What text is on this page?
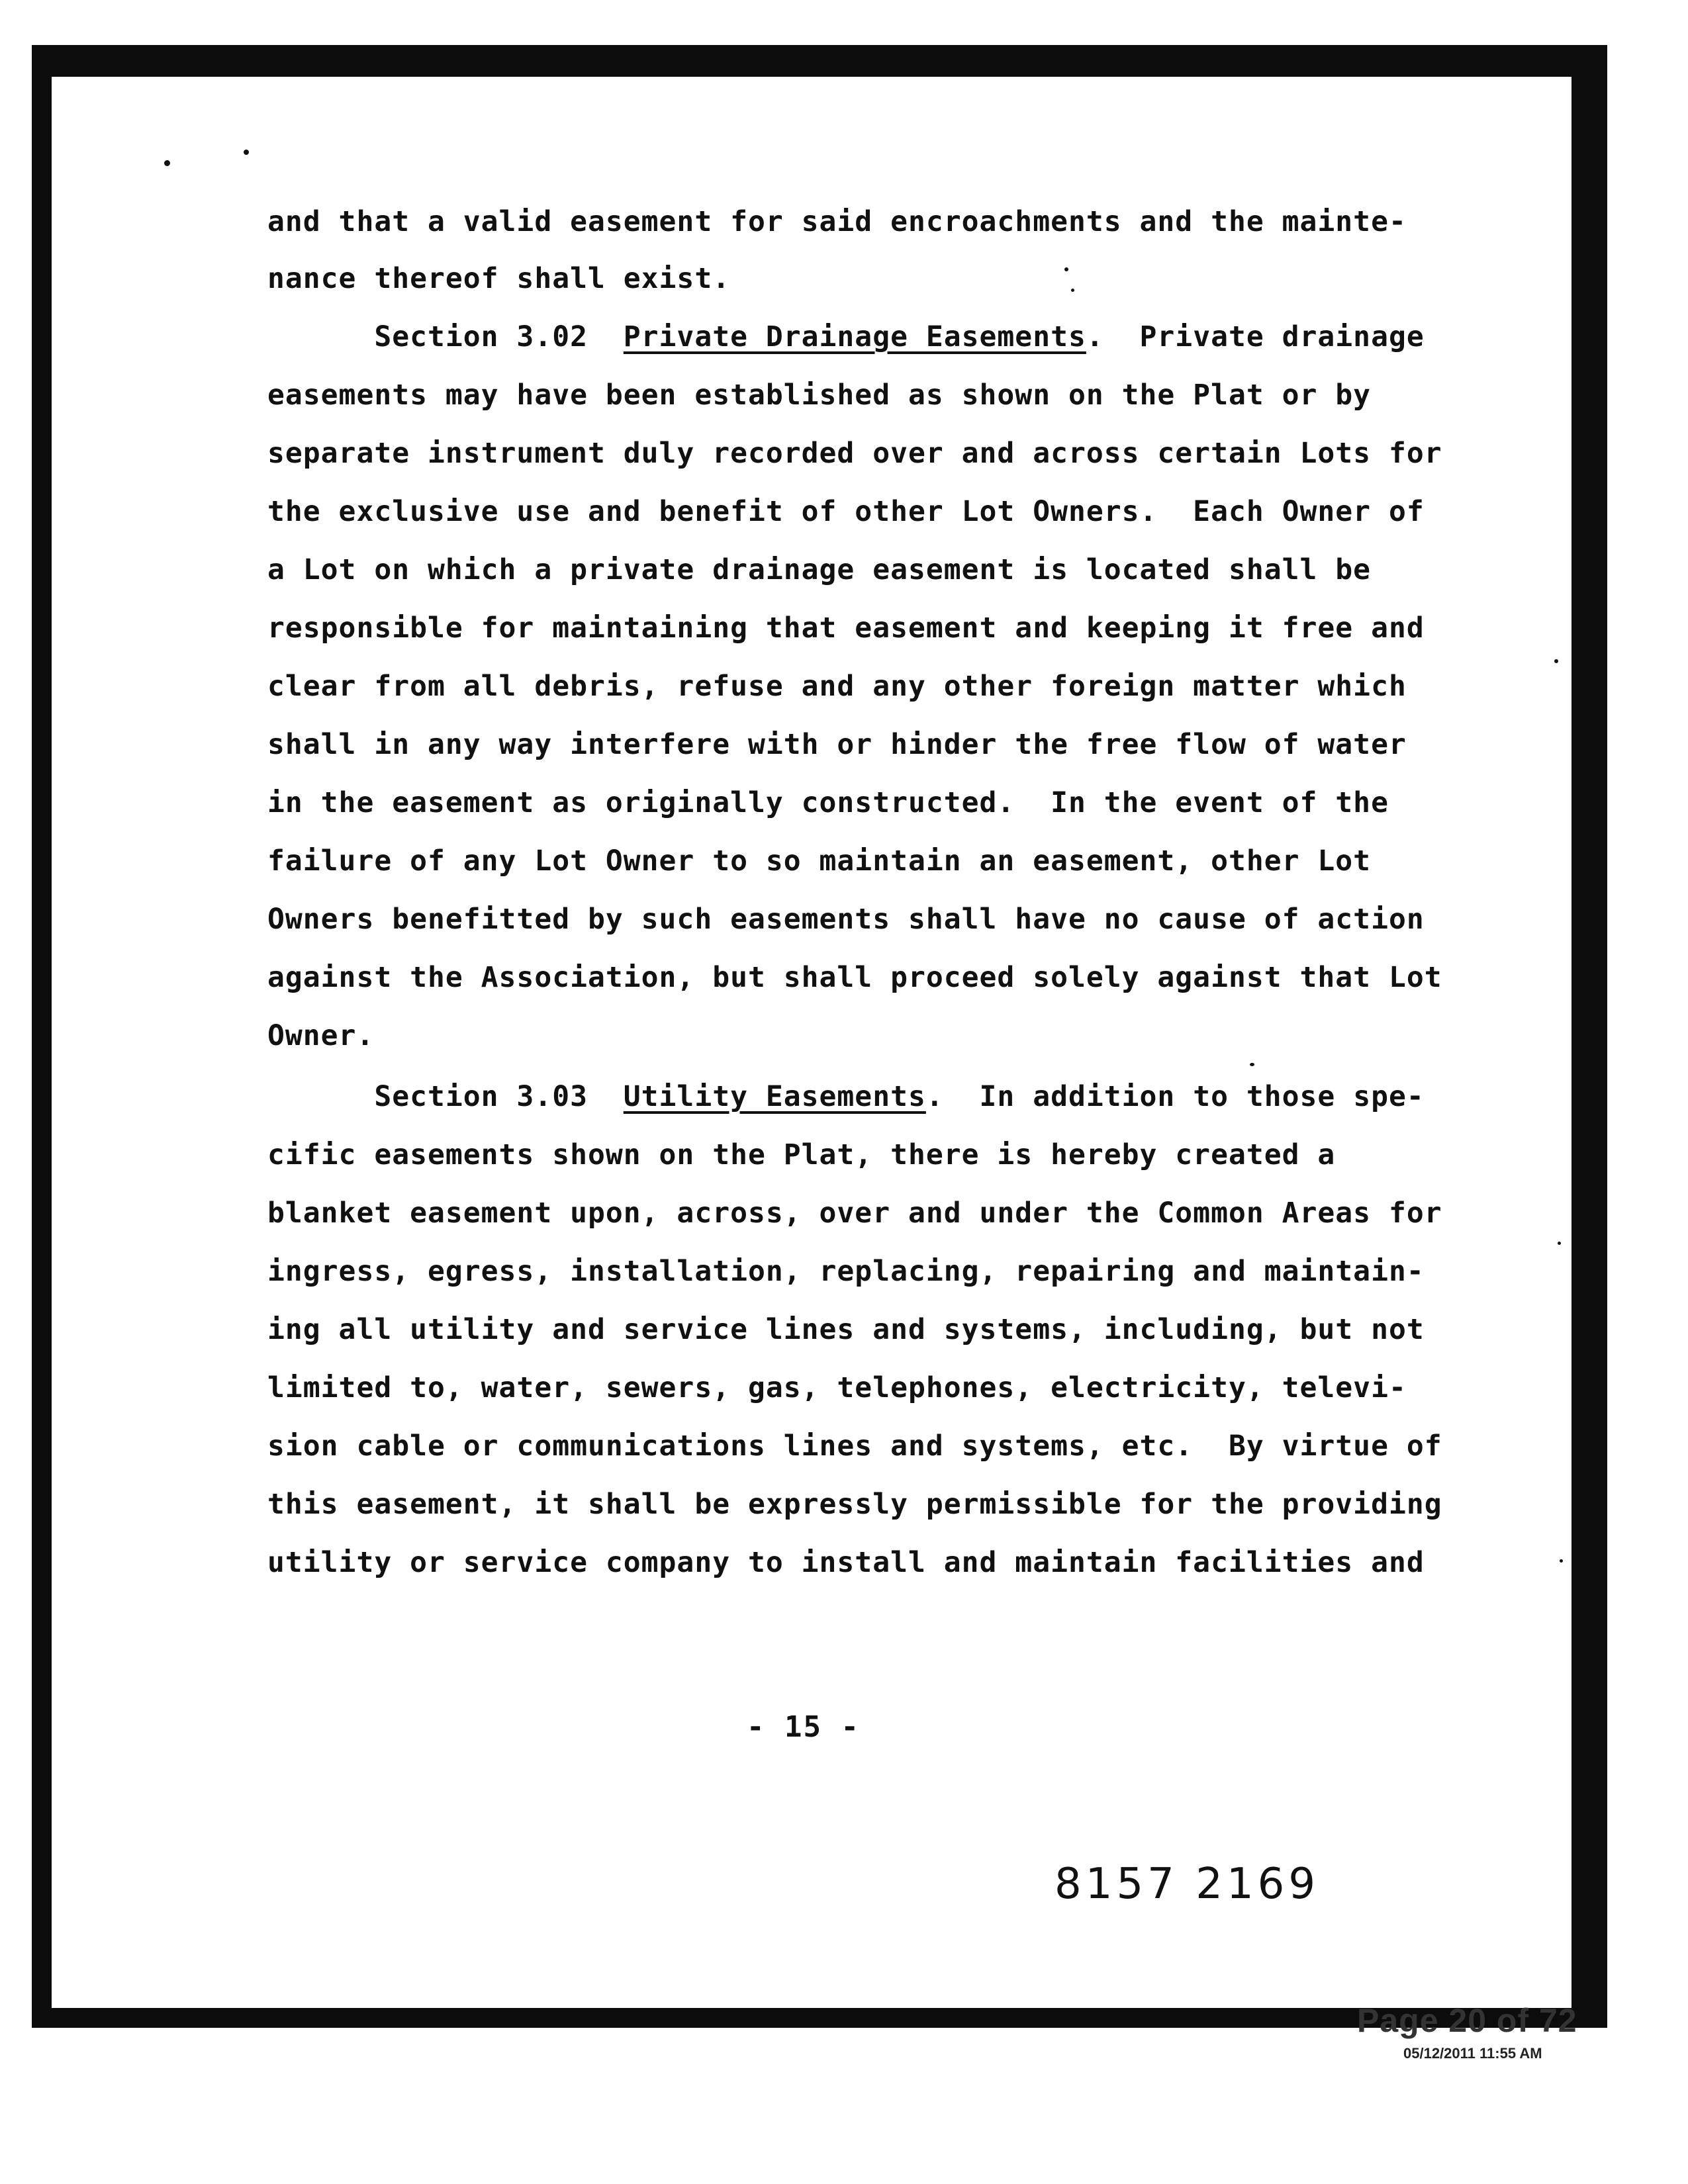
and that a valid easement for said encroachments and the mainte-
nance thereof shall exist.
Section 3.02  Private Drainage Easements.  Private drainage
easements may have been established as shown on the Plat or by
separate instrument duly recorded over and across certain Lots for
the exclusive use and benefit of other Lot Owners.  Each Owner of
a Lot on which a private drainage easement is located shall be
responsible for maintaining that easement and keeping it free and
clear from all debris, refuse and any other foreign matter which
shall in any way interfere with or hinder the free flow of water
in the easement as originally constructed.  In the event of the
failure of any Lot Owner to so maintain an easement, other Lot
Owners benefitted by such easements shall have no cause of action
against the Association, but shall proceed solely against that Lot
Owner.
Section 3.03  Utility Easements.  In addition to those spe-
cific easements shown on the Plat, there is hereby created a
blanket easement upon, across, over and under the Common Areas for
ingress, egress, installation, replacing, repairing and maintain-
ing all utility and service lines and systems, including, but not
limited to, water, sewers, gas, telephones, electricity, televi-
sion cable or communications lines and systems, etc.  By virtue of
this easement, it shall be expressly permissible for the providing
utility or service company to install and maintain facilities and
- 15 -
8157 2169
Page 20 of 72
05/12/2011 11:55 AM
